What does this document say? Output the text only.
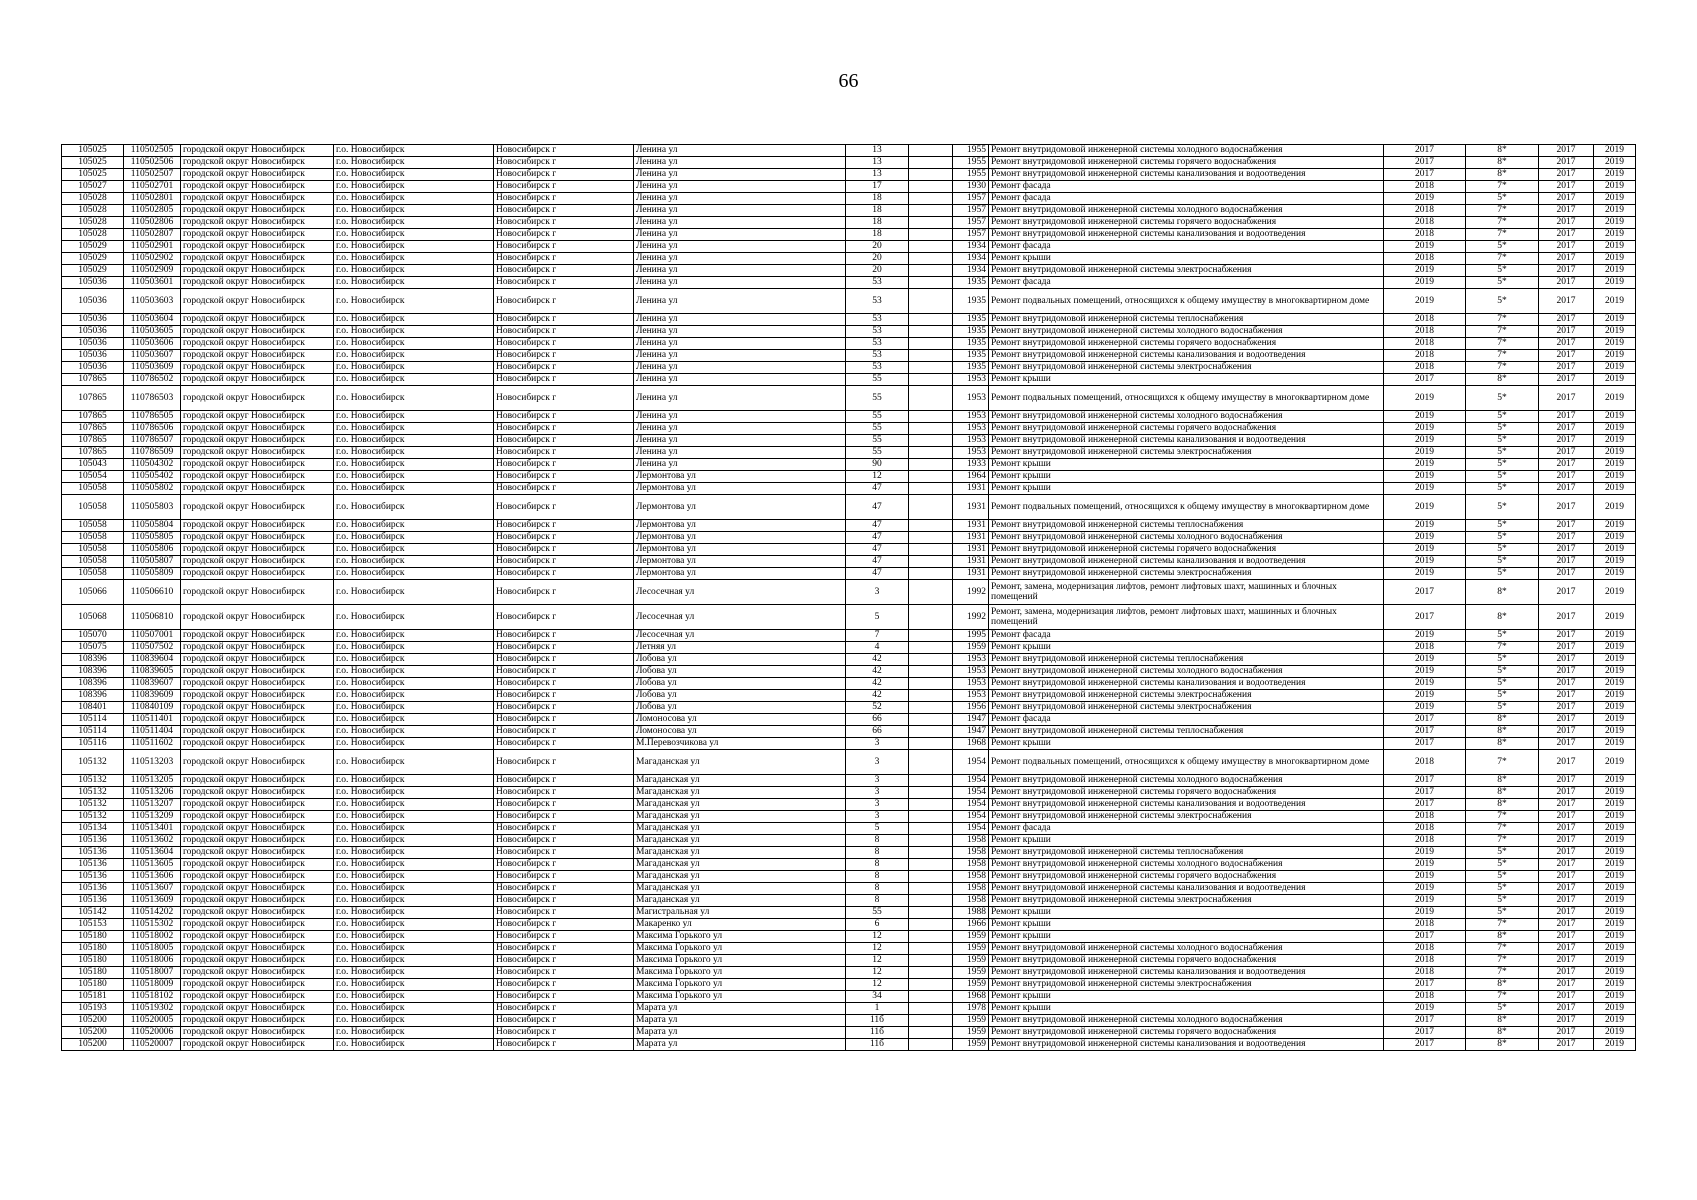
66
105025	110502505	городской округ Новосибирск	г.о. Новосибирск	Новосибирск г	Ленина ул	13		1955	Ремонт внутридомовой инженерной системы холодного водоснабжения	2017	8*	2017	2019
105025	110502506	городской округ Новосибирск	г.о. Новосибирск	Новосибирск г	Ленина ул	13		1955	Ремонт внутридомовой инженерной системы горячего водоснабжения	2017	8*	2017	2019
105025	110502507	городской округ Новосибирск	г.о. Новосибирск	Новосибирск г	Ленина ул	13		1955	Ремонт внутридомовой инженерной системы канализования и водоотведения	2017	8*	2017	2019
105027	110502701	городской округ Новосибирск	г.о. Новосибирск	Новосибирск г	Ленина ул	17		1930	Ремонт фасада	2018	7*	2017	2019
105028	110502801	городской округ Новосибирск	г.о. Новосибирск	Новосибирск г	Ленина ул	18		1957	Ремонт фасада	2019	5*	2017	2019
105028	110502805	городской округ Новосибирск	г.о. Новосибирск	Новосибирск г	Ленина ул	18		1957	Ремонт внутридомовой инженерной системы холодного водоснабжения	2018	7*	2017	2019
105028	110502806	городской округ Новосибирск	г.о. Новосибирск	Новосибирск г	Ленина ул	18		1957	Ремонт внутридомовой инженерной системы горячего водоснабжения	2018	7*	2017	2019
105028	110502807	городской округ Новосибирск	г.о. Новосибирск	Новосибирск г	Ленина ул	18		1957	Ремонт внутридомовой инженерной системы канализования и водоотведения	2018	7*	2017	2019
105029	110502901	городской округ Новосибирск	г.о. Новосибирск	Новосибирск г	Ленина ул	20		1934	Ремонт фасада	2019	5*	2017	2019
105029	110502902	городской округ Новосибирск	г.о. Новосибирск	Новосибирск г	Ленина ул	20		1934	Ремонт крыши	2018	7*	2017	2019
105029	110502909	городской округ Новосибирск	г.о. Новосибирск	Новосибирск г	Ленина ул	20		1934	Ремонт внутридомовой инженерной системы электроснабжения	2019	5*	2017	2019
105036	110503601	городской округ Новосибирск	г.о. Новосибирск	Новосибирск г	Ленина ул	53		1935	Ремонт фасада	2019	5*	2017	2019
105036	110503603	городской округ Новосибирск	г.о. Новосибирск	Новосибирск г	Ленина ул	53		1935	Ремонт подвальных помещений, относящихся к общему имуществу в многоквартирном доме	2019	5*	2017	2019
105036	110503604	городской округ Новосибирск	г.о. Новосибирск	Новосибирск г	Ленина ул	53		1935	Ремонт внутридомовой инженерной системы теплоснабжения	2018	7*	2017	2019
105036	110503605	городской округ Новосибирск	г.о. Новосибирск	Новосибирск г	Ленина ул	53		1935	Ремонт внутридомовой инженерной системы холодного водоснабжения	2018	7*	2017	2019
105036	110503606	городской округ Новосибирск	г.о. Новосибирск	Новосибирск г	Ленина ул	53		1935	Ремонт внутридомовой инженерной системы горячего водоснабжения	2018	7*	2017	2019
105036	110503607	городской округ Новосибирск	г.о. Новосибирск	Новосибирск г	Ленина ул	53		1935	Ремонт внутридомовой инженерной системы канализования и водоотведения	2018	7*	2017	2019
105036	110503609	городской округ Новосибирск	г.о. Новосибирск	Новосибирск г	Ленина ул	53		1935	Ремонт внутридомовой инженерной системы электроснабжения	2018	7*	2017	2019
107865	110786502	городской округ Новосибирск	г.о. Новосибирск	Новосибирск г	Ленина ул	55		1953	Ремонт крыши	2017	8*	2017	2019
107865	110786503	городской округ Новосибирск	г.о. Новосибирск	Новосибирск г	Ленина ул	55		1953	Ремонт подвальных помещений, относящихся к общему имуществу в многоквартирном доме	2019	5*	2017	2019
107865	110786505	городской округ Новосибирск	г.о. Новосибирск	Новосибирск г	Ленина ул	55		1953	Ремонт внутридомовой инженерной системы холодного водоснабжения	2019	5*	2017	2019
107865	110786506	городской округ Новосибирск	г.о. Новосибирск	Новосибирск г	Ленина ул	55		1953	Ремонт внутридомовой инженерной системы горячего водоснабжения	2019	5*	2017	2019
107865	110786507	городской округ Новосибирск	г.о. Новосибирск	Новосибирск г	Ленина ул	55		1953	Ремонт внутридомовой инженерной системы канализования и водоотведения	2019	5*	2017	2019
107865	110786509	городской округ Новосибирск	г.о. Новосибирск	Новосибирск г	Ленина ул	55		1953	Ремонт внутридомовой инженерной системы электроснабжения	2019	5*	2017	2019
105043	110504302	городской округ Новосибирск	г.о. Новосибирск	Новосибирск г	Ленина ул	90		1933	Ремонт крыши	2019	5*	2017	2019
105054	110505402	городской округ Новосибирск	г.о. Новосибирск	Новосибирск г	Лермонтова ул	12		1964	Ремонт крыши	2019	5*	2017	2019
105058	110505802	городской округ Новосибирск	г.о. Новосибирск	Новосибирск г	Лермонтова ул	47		1931	Ремонт крыши	2019	5*	2017	2019
105058	110505803	городской округ Новосибирск	г.о. Новосибирск	Новосибирск г	Лермонтова ул	47		1931	Ремонт подвальных помещений, относящихся к общему имуществу в многоквартирном доме	2019	5*	2017	2019
105058	110505804	городской округ Новосибирск	г.о. Новосибирск	Новосибирск г	Лермонтова ул	47		1931	Ремонт внутридомовой инженерной системы теплоснабжения	2019	5*	2017	2019
105058	110505805	городской округ Новосибирск	г.о. Новосибирск	Новосибирск г	Лермонтова ул	47		1931	Ремонт внутридомовой инженерной системы холодного водоснабжения	2019	5*	2017	2019
105058	110505806	городской округ Новосибирск	г.о. Новосибирск	Новосибирск г	Лермонтова ул	47		1931	Ремонт внутридомовой инженерной системы горячего водоснабжения	2019	5*	2017	2019
105058	110505807	городской округ Новосибирск	г.о. Новосибирск	Новосибирск г	Лермонтова ул	47		1931	Ремонт внутридомовой инженерной системы канализования и водоотведения	2019	5*	2017	2019
105058	110505809	городской округ Новосибирск	г.о. Новосибирск	Новосибирск г	Лермонтова ул	47		1931	Ремонт внутридомовой инженерной системы электроснабжения	2019	5*	2017	2019
105066	110506610	городской округ Новосибирск	г.о. Новосибирск	Новосибирск г	Лесосечная ул	3		1992	Ремонт, замена, модернизация лифтов, ремонт лифтовых шахт, машинных и блочных помещений	2017	8*	2017	2019
105068	110506810	городской округ Новосибирск	г.о. Новосибирск	Новосибирск г	Лесосечная ул	5		1992	Ремонт, замена, модернизация лифтов, ремонт лифтовых шахт, машинных и блочных помещений	2017	8*	2017	2019
105070	110507001	городской округ Новосибирск	г.о. Новосибирск	Новосибирск г	Лесосечная ул	7		1995	Ремонт фасада	2019	5*	2017	2019
105075	110507502	городской округ Новосибирск	г.о. Новосибирск	Новосибирск г	Летняя ул	4		1959	Ремонт крыши	2018	7*	2017	2019
108396	110839604	городской округ Новосибирск	г.о. Новосибирск	Новосибирск г	Лобова ул	42		1953	Ремонт внутридомовой инженерной системы теплоснабжения	2019	5*	2017	2019
108396	110839605	городской округ Новосибирск	г.о. Новосибирск	Новосибирск г	Лобова ул	42		1953	Ремонт внутридомовой инженерной системы холодного водоснабжения	2019	5*	2017	2019
108396	110839607	городской округ Новосибирск	г.о. Новосибирск	Новосибирск г	Лобова ул	42		1953	Ремонт внутридомовой инженерной системы канализования и водоотведения	2019	5*	2017	2019
108396	110839609	городской округ Новосибирск	г.о. Новосибирск	Новосибирск г	Лобова ул	42		1953	Ремонт внутридомовой инженерной системы электроснабжения	2019	5*	2017	2019
108401	110840109	городской округ Новосибирск	г.о. Новосибирск	Новосибирск г	Лобова ул	52		1956	Ремонт внутридомовой инженерной системы электроснабжения	2019	5*	2017	2019
105114	110511401	городской округ Новосибирск	г.о. Новосибирск	Новосибирск г	Ломоносова ул	66		1947	Ремонт фасада	2017	8*	2017	2019
105114	110511404	городской округ Новосибирск	г.о. Новосибирск	Новосибирск г	Ломоносова ул	66		1947	Ремонт внутридомовой инженерной системы теплоснабжения	2017	8*	2017	2019
105116	110511602	городской округ Новосибирск	г.о. Новосибирск	Новосибирск г	М.Перевозчикова ул	3		1968	Ремонт крыши	2017	8*	2017	2019
105132	110513203	городской округ Новосибирск	г.о. Новосибирск	Новосибирск г	Магаданская ул	3		1954	Ремонт подвальных помещений, относящихся к общему имуществу в многоквартирном доме	2018	7*	2017	2019
105132	110513205	городской округ Новосибирск	г.о. Новосибирск	Новосибирск г	Магаданская ул	3		1954	Ремонт внутридомовой инженерной системы холодного водоснабжения	2017	8*	2017	2019
105132	110513206	городской округ Новосибирск	г.о. Новосибирск	Новосибирск г	Магаданская ул	3		1954	Ремонт внутридомовой инженерной системы горячего водоснабжения	2017	8*	2017	2019
105132	110513207	городской округ Новосибирск	г.о. Новосибирск	Новосибирск г	Магаданская ул	3		1954	Ремонт внутридомовой инженерной системы канализования и водоотведения	2017	8*	2017	2019
105132	110513209	городской округ Новосибирск	г.о. Новосибирск	Новосибирск г	Магаданская ул	3		1954	Ремонт внутридомовой инженерной системы электроснабжения	2018	7*	2017	2019
105134	110513401	городской округ Новосибирск	г.о. Новосибирск	Новосибирск г	Магаданская ул	5		1954	Ремонт фасада	2018	7*	2017	2019
105136	110513602	городской округ Новосибирск	г.о. Новосибирск	Новосибирск г	Магаданская ул	8		1958	Ремонт крыши	2018	7*	2017	2019
105136	110513604	городской округ Новосибирск	г.о. Новосибирск	Новосибирск г	Магаданская ул	8		1958	Ремонт внутридомовой инженерной системы теплоснабжения	2019	5*	2017	2019
105136	110513605	городской округ Новосибирск	г.о. Новосибирск	Новосибирск г	Магаданская ул	8		1958	Ремонт внутридомовой инженерной системы холодного водоснабжения	2019	5*	2017	2019
105136	110513606	городской округ Новосибирск	г.о. Новосибирск	Новосибирск г	Магаданская ул	8		1958	Ремонт внутридомовой инженерной системы горячего водоснабжения	2019	5*	2017	2019
105136	110513607	городской округ Новосибирск	г.о. Новосибирск	Новосибирск г	Магаданская ул	8		1958	Ремонт внутридомовой инженерной системы канализования и водоотведения	2019	5*	2017	2019
105136	110513609	городской округ Новосибирск	г.о. Новосибирск	Новосибирск г	Магаданская ул	8		1958	Ремонт внутридомовой инженерной системы электроснабжения	2019	5*	2017	2019
105142	110514202	городской округ Новосибирск	г.о. Новосибирск	Новосибирск г	Магистральная ул	55		1988	Ремонт крыши	2019	5*	2017	2019
105153	110515302	городской округ Новосибирск	г.о. Новосибирск	Новосибирск г	Макаренко ул	6		1966	Ремонт крыши	2018	7*	2017	2019
105180	110518002	городской округ Новосибирск	г.о. Новосибирск	Новосибирск г	Максима Горького ул	12		1959	Ремонт крыши	2017	8*	2017	2019
105180	110518005	городской округ Новосибирск	г.о. Новосибирск	Новосибирск г	Максима Горького ул	12		1959	Ремонт внутридомовой инженерной системы холодного водоснабжения	2018	7*	2017	2019
105180	110518006	городской округ Новосибирск	г.о. Новосибирск	Новосибирск г	Максима Горького ул	12		1959	Ремонт внутридомовой инженерной системы горячего водоснабжения	2018	7*	2017	2019
105180	110518007	городской округ Новосибирск	г.о. Новосибирск	Новосибирск г	Максима Горького ул	12		1959	Ремонт внутридомовой инженерной системы канализования и водоотведения	2018	7*	2017	2019
105180	110518009	городской округ Новосибирск	г.о. Новосибирск	Новосибирск г	Максима Горького ул	12		1959	Ремонт внутридомовой инженерной системы электроснабжения	2017	8*	2017	2019
105181	110518102	городской округ Новосибирск	г.о. Новосибирск	Новосибирск г	Максима Горького ул	34		1968	Ремонт крыши	2018	7*	2017	2019
105193	110519302	городской округ Новосибирск	г.о. Новосибирск	Новосибирск г	Марата ул	1		1978	Ремонт крыши	2019	5*	2017	2019
105200	110520005	городской округ Новосибирск	г.о. Новосибирск	Новосибирск г	Марата ул	11б		1959	Ремонт внутридомовой инженерной системы холодного водоснабжения	2017	8*	2017	2019
105200	110520006	городской округ Новосибирск	г.о. Новосибирск	Новосибирск г	Марата ул	11б		1959	Ремонт внутридомовой инженерной системы горячего водоснабжения	2017	8*	2017	2019
105200	110520007	городской округ Новосибирск	г.о. Новосибирск	Новосибирск г	Марата ул	11б		1959	Ремонт внутридомовой инженерной системы канализования и водоотведения	2017	8*	2017	2019
